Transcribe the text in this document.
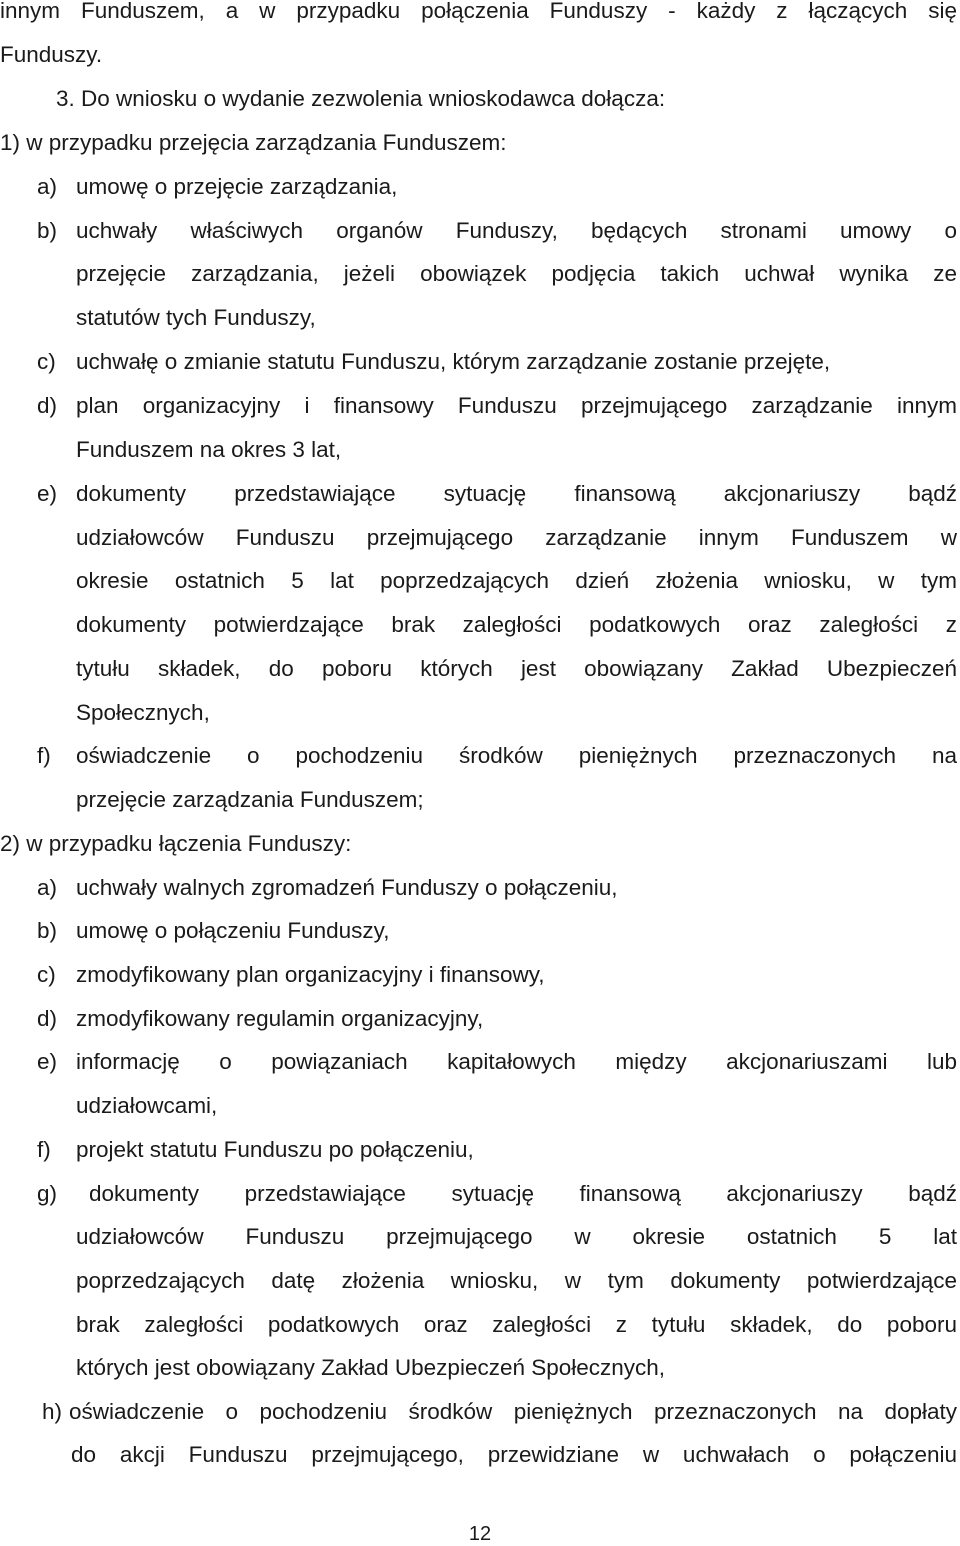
innym Funduszem, a w przypadku połączenia Funduszy - każdy z łączących się
Funduszy.
3. Do wniosku o wydanie zezwolenia wnioskodawca dołącza:
1) w przypadku przejęcia zarządzania Funduszem:
a) umowę o przejęcie zarządzania,
b) uchwały właściwych organów Funduszy, będących stronami umowy o
przejęcie zarządzania, jeżeli obowiązek podjęcia takich uchwał wynika ze
statutów tych Funduszy,
c) uchwałę o zmianie statutu Funduszu, którym zarządzanie zostanie przejęte,
d) plan organizacyjny i finansowy Funduszu przejmującego zarządzanie innym
Funduszem na okres 3 lat,
e) dokumenty przedstawiające sytuację finansową akcjonariuszy bądź
udziałowców Funduszu przejmującego zarządzanie innym Funduszem w
okresie ostatnich 5 lat poprzedzających dzień złożenia wniosku, w tym
dokumenty potwierdzające brak zaległości podatkowych oraz zaległości z
tytułu składek, do poboru których jest obowiązany Zakład Ubezpieczeń
Społecznych,
f) oświadczenie o pochodzeniu środków pieniężnych przeznaczonych na
przejęcie zarządzania Funduszem;
2) w przypadku łączenia Funduszy:
a) uchwały walnych zgromadzeń Funduszy o połączeniu,
b) umowę o połączeniu Funduszy,
c) zmodyfikowany plan organizacyjny i finansowy,
d) zmodyfikowany regulamin organizacyjny,
e) informację o powiązaniach kapitałowych między akcjonariuszami lub
udziałowcami,
f) projekt statutu Funduszu po połączeniu,
g) dokumenty przedstawiające sytuację finansową akcjonariuszy bądź
udziałowców Funduszu przejmującego w okresie ostatnich 5 lat
poprzedzających datę złożenia wniosku, w tym dokumenty potwierdzające
brak zaległości podatkowych oraz zaległości z tytułu składek, do poboru
których jest obowiązany Zakład Ubezpieczeń Społecznych,
h) oświadczenie o pochodzeniu środków pieniężnych przeznaczonych na dopłaty
do akcji Funduszu przejmującego, przewidziane w uchwałach o połączeniu
12
